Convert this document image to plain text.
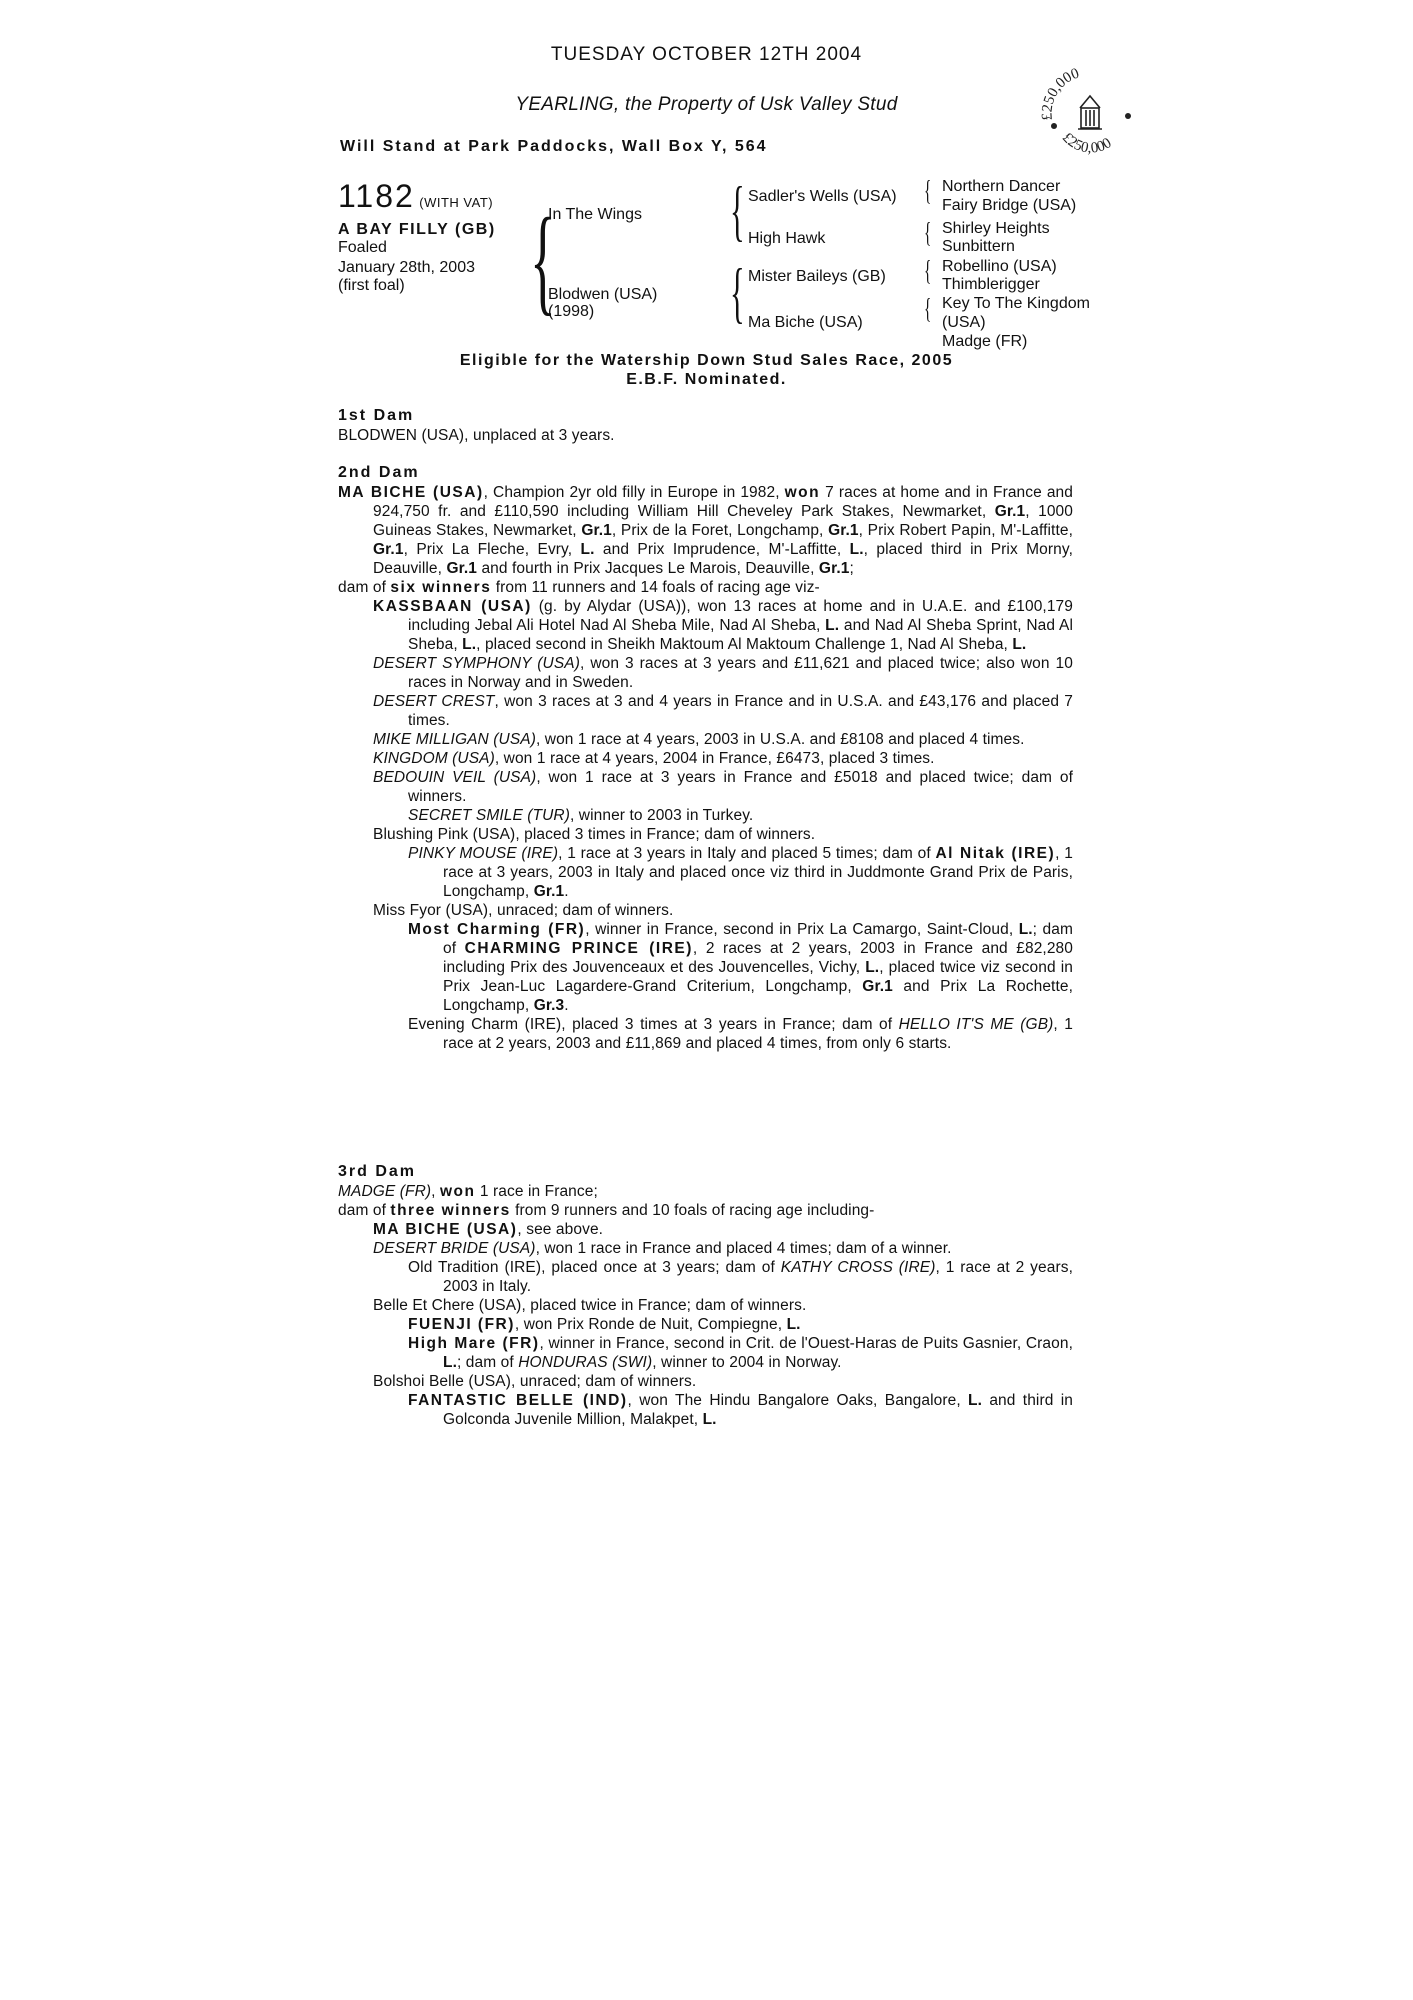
TUESDAY OCTOBER 12TH 2004
YEARLING, the Property of Usk Valley Stud
Will Stand at Park Paddocks, Wall Box Y, 564
£250,000
£250,000
1182 (WITH VAT)
A BAY FILLY (GB)
Foaled
January 28th, 2003
(first foal) {
In The Wings
Blodwen (USA)
(1998)
{ Sadler's Wells (USA)
High Hawk
{ Mister Baileys (GB)
Ma Biche (USA)
{ Northern Dancer
Fairy Bridge (USA)
{ Shirley Heights
Sunbittern
{ Robellino (USA)
Thimblerigger
{ Key To The Kingdom
(USA)
Madge (FR)
Eligible for the Watership Down Stud Sales Race, 2005
E.B.F. Nominated.
1st Dam
BLODWEN (USA), unplaced at 3 years.
2nd Dam

MA BICHE (USA), Champion 2yr old filly in Europe in 1982, won 7 races at home and in France and 924,750 fr. and £110,590 including William Hill Cheveley Park Stakes, Newmarket, Gr.1, 1000 Guineas Stakes, Newmarket, Gr.1, Prix de la Foret, Longchamp, Gr.1, Prix Robert Papin, M'-Laffitte, Gr.1, Prix La Fleche, Evry, L. and Prix Imprudence, M'-Laffitte, L., placed third in Prix Morny, Deauville, Gr.1 and fourth in Prix Jacques Le Marois, Deauville, Gr.1;

dam of six winners from 11 runners and 14 foals of racing age viz-

KASSBAAN (USA) (g. by Alydar (USA)), won 13 races at home and in U.A.E. and £100,179 including Jebal Ali Hotel Nad Al Sheba Mile, Nad Al Sheba, L. and Nad Al Sheba Sprint, Nad Al Sheba, L., placed second in Sheikh Maktoum Al Maktoum Challenge 1, Nad Al Sheba, L.

DESERT SYMPHONY (USA), won 3 races at 3 years and £11,621 and placed twice; also won 10 races in Norway and in Sweden.

DESERT CREST, won 3 races at 3 and 4 years in France and in U.S.A. and £43,176 and placed 7 times.

MIKE MILLIGAN (USA), won 1 race at 4 years, 2003 in U.S.A. and £8108 and placed 4 times.

KINGDOM (USA), won 1 race at 4 years, 2004 in France, £6473, placed 3 times.

BEDOUIN VEIL (USA), won 1 race at 3 years in France and £5018 and placed twice; dam of winners.

SECRET SMILE (TUR), winner to 2003 in Turkey.

Blushing Pink (USA), placed 3 times in France; dam of winners.

PINKY MOUSE (IRE), 1 race at 3 years in Italy and placed 5 times; dam of Al Nitak (IRE), 1 race at 3 years, 2003 in Italy and placed once viz third in Juddmonte Grand Prix de Paris, Longchamp, Gr.1.

Miss Fyor (USA), unraced; dam of winners.

Most Charming (FR), winner in France, second in Prix La Camargo, Saint-Cloud, L.; dam of CHARMING PRINCE (IRE), 2 races at 2 years, 2003 in France and £82,280 including Prix des Jouvenceaux et des Jouvencelles, Vichy, L., placed twice viz second in Prix Jean-Luc Lagardere-Grand Criterium, Longchamp, Gr.1 and Prix La Rochette, Longchamp, Gr.3.

Evening Charm (IRE), placed 3 times at 3 years in France; dam of HELLO IT'S ME (GB), 1 race at 2 years, 2003 and £11,869 and placed 4 times, from only 6 starts.

3rd Dam

MADGE (FR), won 1 race in France;

dam of three winners from 9 runners and 10 foals of racing age including-

MA BICHE (USA), see above.

DESERT BRIDE (USA), won 1 race in France and placed 4 times; dam of a winner.

Old Tradition (IRE), placed once at 3 years; dam of KATHY CROSS (IRE), 1 race at 2 years, 2003 in Italy.

Belle Et Chere (USA), placed twice in France; dam of winners.

FUENJI (FR), won Prix Ronde de Nuit, Compiegne, L.

High Mare (FR), winner in France, second in Crit. de l'Ouest-Haras de Puits Gasnier, Craon, L.; dam of HONDURAS (SWI), winner to 2004 in Norway.

Bolshoi Belle (USA), unraced; dam of winners.

FANTASTIC BELLE (IND), won The Hindu Bangalore Oaks, Bangalore, L. and third in Golconda Juvenile Million, Malakpet, L.
